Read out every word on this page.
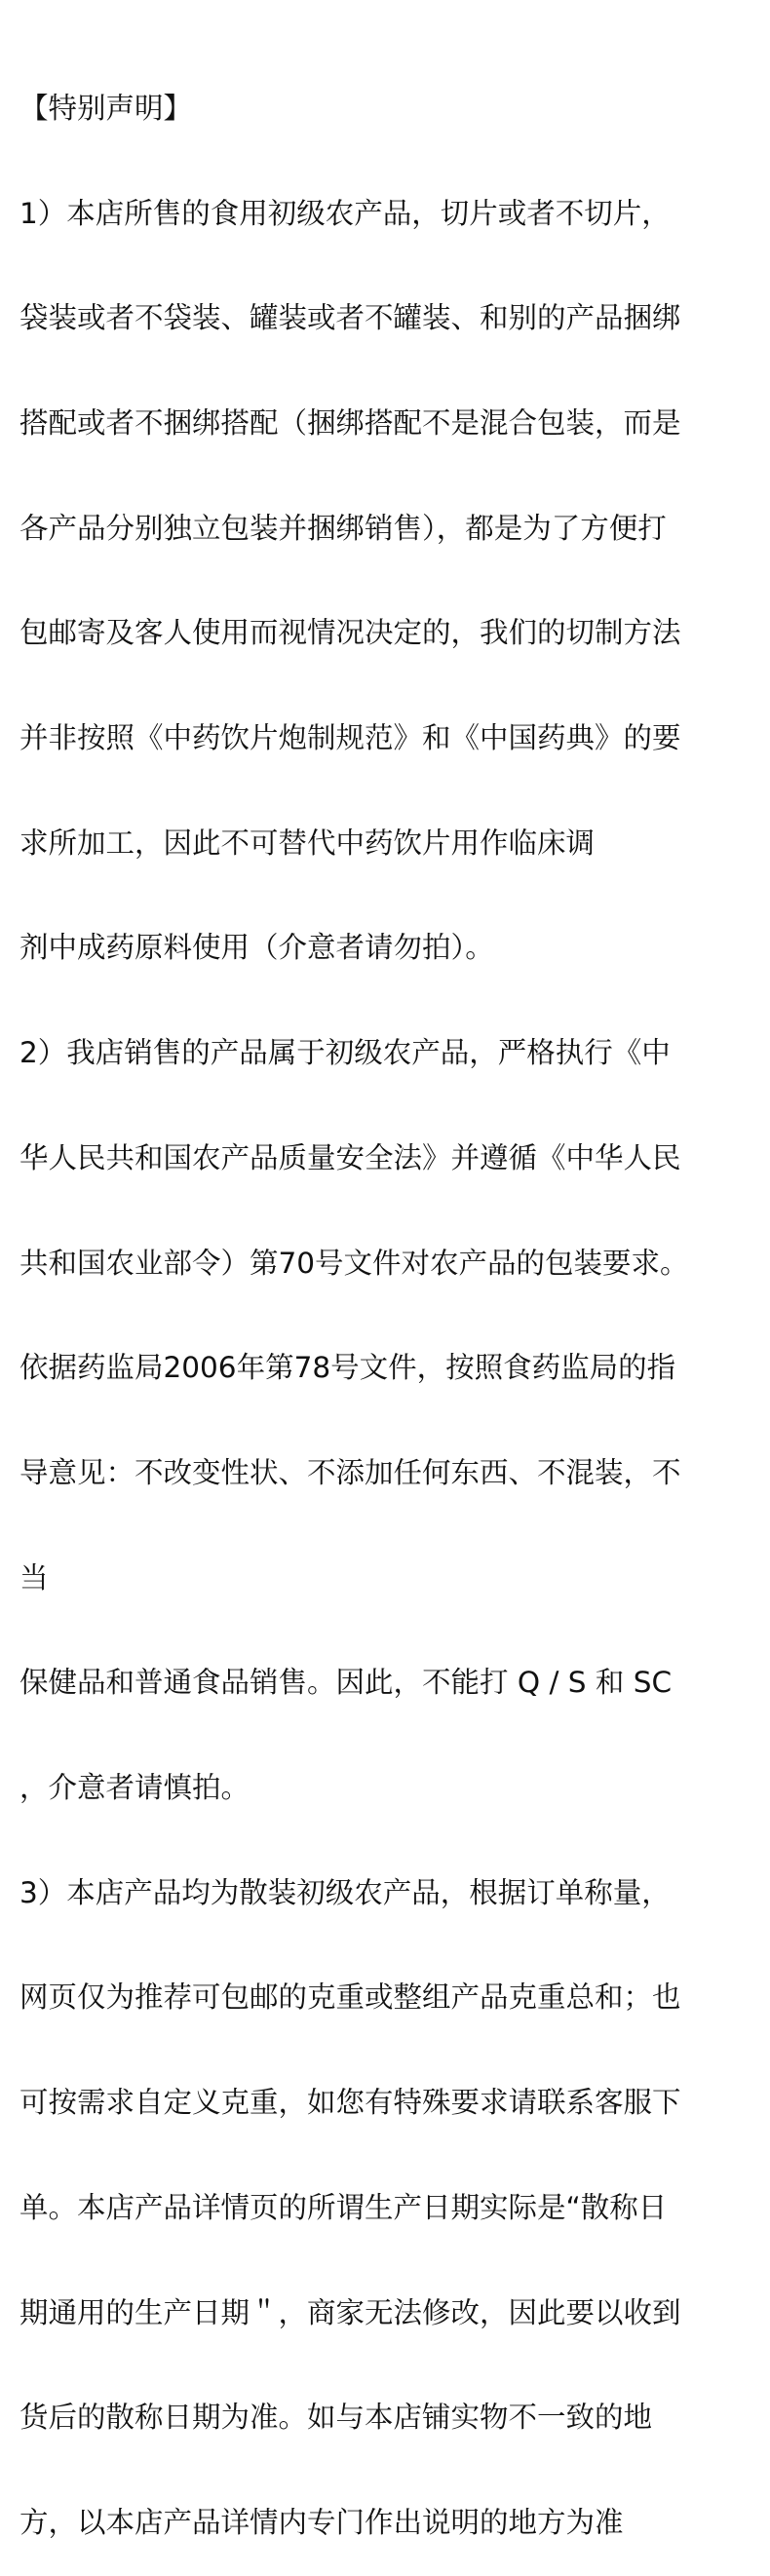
【特别声明】

1）本店所售的食用初级农产品，切片或者不切片，

袋装或者不袋装、罐装或者不罐装、和别的产品捆绑

搭配或者不捆绑搭配（捆绑搭配不是混合包装，而是

各产品分别独立包装并捆绑销售），都是为了方便打

包邮寄及客人使用而视情况决定的，我们的切制方法

并非按照《中药饮片炮制规范》和《中国药典》的要

求所加工，因此不可替代中药饮片用作临床调

剂中成药原料使用（介意者请勿拍）。

2）我店销售的产品属于初级农产品，严格执行《中

华人民共和国农产品质量安全法》并遵循《中华人民

共和国农业部令）第70号文件对农产品的包装要求。

依据药监局2006年第78号文件，按照食药监局的指

导意见：不改变性状、不添加任何东西、不混装，不

当

保健品和普通食品销售。因此，不能打 Q / S 和 SC

，介意者请慎拍。

3）本店产品均为散装初级农产品，根据订单称量，

网页仅为推荐可包邮的克重或整组产品克重总和；也

可按需求自定义克重，如您有特殊要求请联系客服下

单。本店产品详情页的所谓生产日期实际是“散称日

期通用的生产日期＂，商家无法修改，因此要以收到

货后的散称日期为准。如与本店铺实物不一致的地

方，以本店产品详情内专门作出说明的地方为准
